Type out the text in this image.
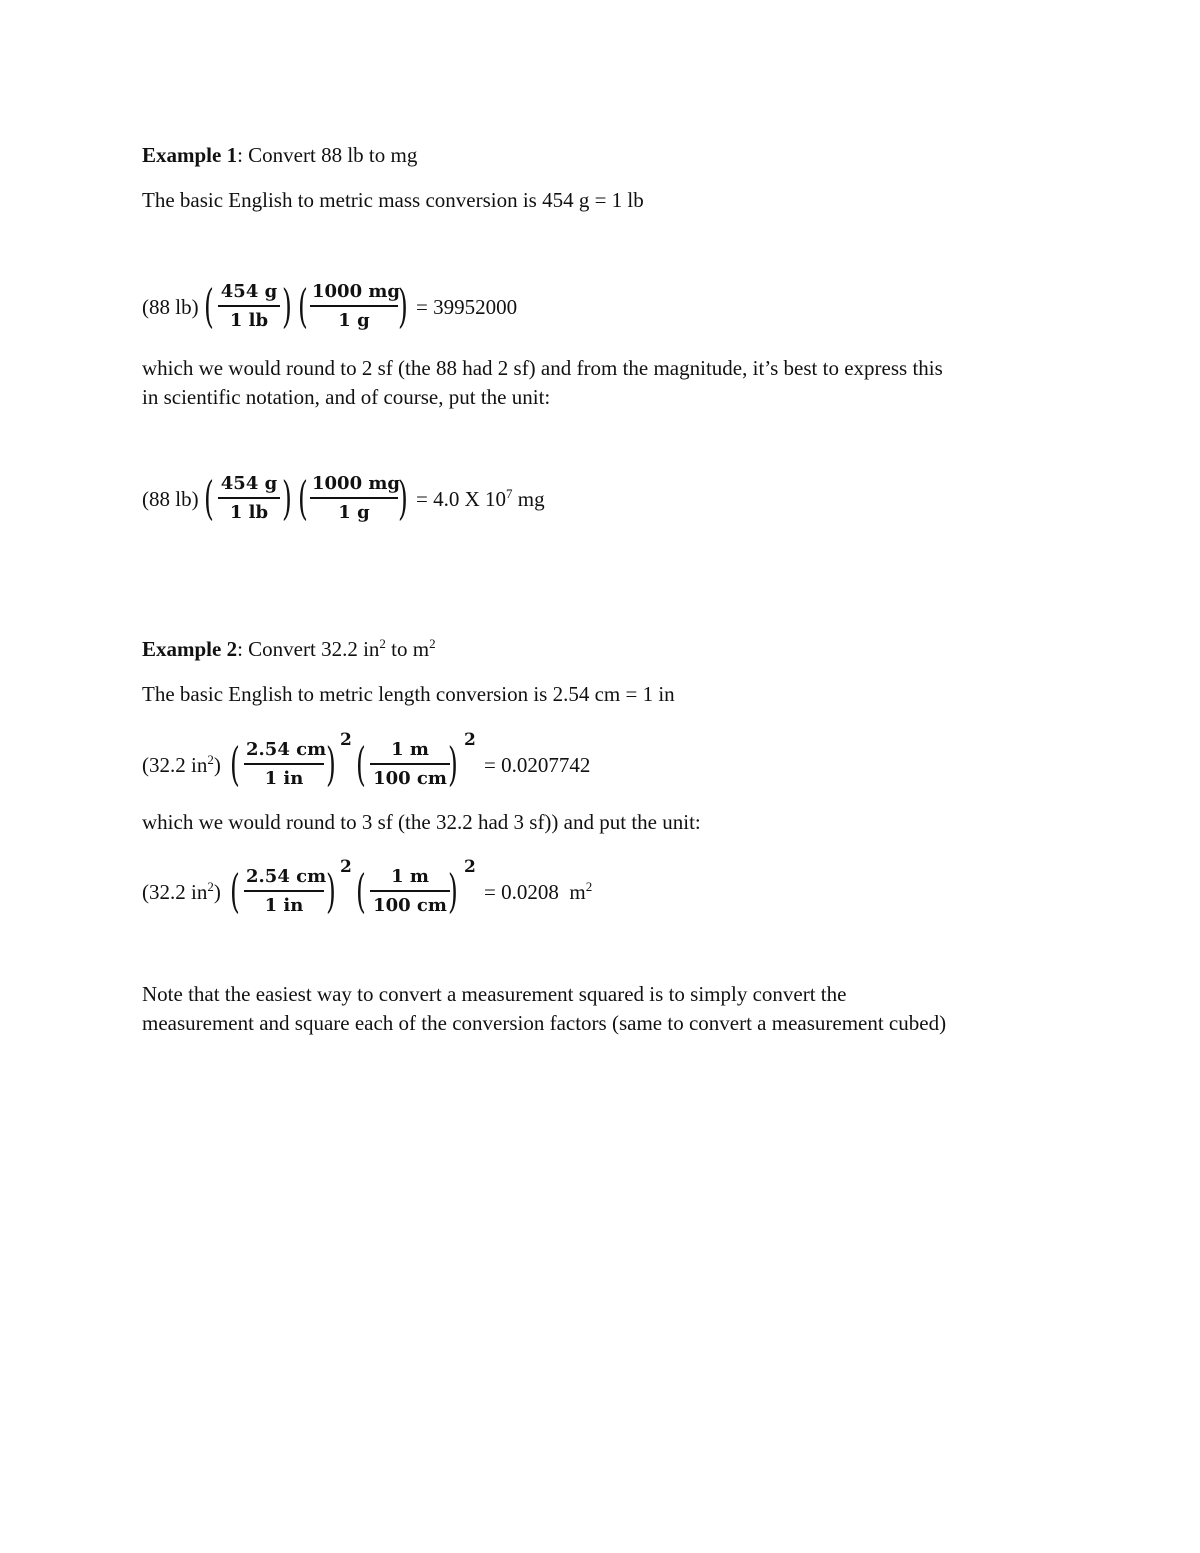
Example 1: Convert 88 lb to mg
The basic English to metric mass conversion is 454 g = 1 lb
(88 lb) ( 454 g
1 lb ) ( 1000 mg
1 g ) = 39952000
which we would round to 2 sf (the 88 had 2 sf) and from the magnitude, it’s best to express this
in scientific notation, and of course, put the unit:
(88 lb) ( 454 g
1 lb ) ( 1000 mg
1 g ) = 4.0 X $10^7$ mg
Example 2: Convert 32.2 $in^2$ to $m^2$
The basic English to metric length conversion is 2.54 cm = 1 in
(32.2 $in^2$) ( 2.54 cm
1 in ) 2 (	1 m
100 cm ) 2
= 0.0207742
which we would round to 3 sf (the 32.2 had 3 sf)) and put the unit:
(32.2 $in^2$) ( 2.54 cm
1 in ) 2 (	1 m
100 cm ) 2
= 0.0208  $m^2$
Note that the easiest way to convert a measurement squared is to simply convert the
measurement and square each of the conversion factors (same to convert a measurement cubed)
